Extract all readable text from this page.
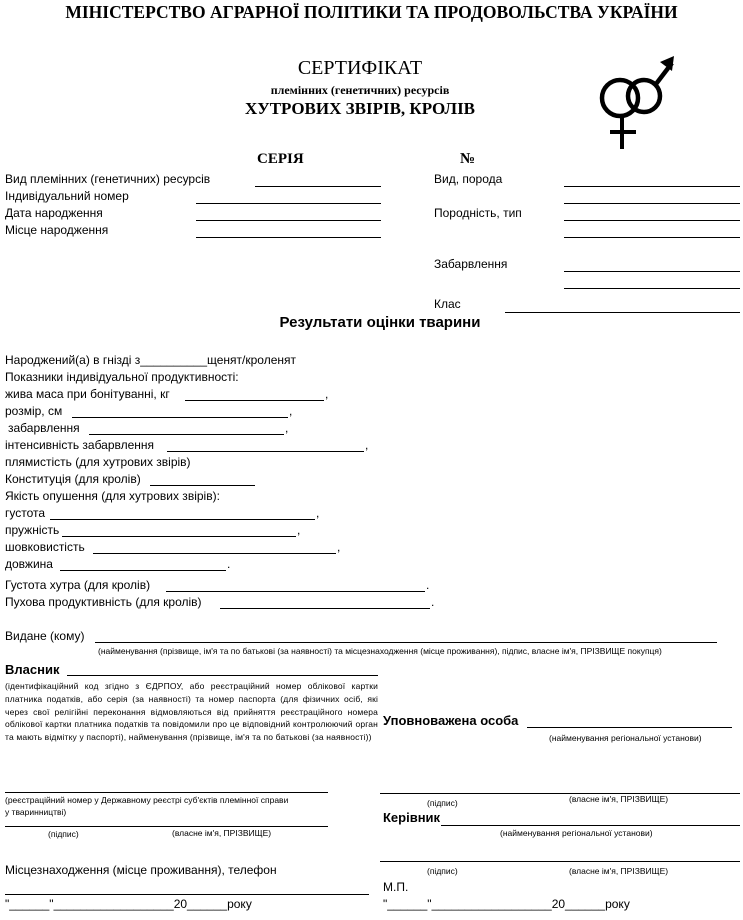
МІНІСТЕРСТВО АГРАРНОЇ ПОЛІТИКИ ТА ПРОДОВОЛЬСТВА УКРАЇНИ
СЕРТИФІКАТ
племінних (генетичних) ресурсів
ХУТРОВИХ ЗВІРІВ, КРОЛІВ
СЕРІЯ	№
Вид племінних (генетичних) ресурсів
Індивідуальний номер
Дата народження
Місце народження
Вид, порода
Породність, тип
Забарвлення
Клас
Результати оцінки тварини
Народжений(а) в гнізді з__________щенят/кроленят
Показники індивідуальної продуктивності:
жива маса при бонітуванні, кг	,
розмір, см	,
забарвлення	,
інтенсивність забарвлення	,
плямистість (для хутрових звірів)
Конституція (для кролів)
Якість опушення (для хутрових звірів):
густота	,
пружність	,
шовковистість	,
довжина	.
Густота хутра (для кролів)	.
Пухова продуктивність (для кролів)	.
Видане (кому)
(найменування (прізвище, ім'я та по батькові (за наявності) та місцезнаходження (місце проживання), підпис, власне ім'я, ПРІЗВИЩЕ покупця)
Власник
(ідентифікаційний код згідно з ЄДРПОУ, або реєстраційний номер облікової картки платника податків, або серія (за наявності) та номер паспорта (для фізичних осіб, які через свої релігійні переконання відмовляються від прийняття реєстраційного номера облікової картки платника податків та повідомили про це відповідний контролюючий орган та мають відмітку у паспорті), найменування (прізвище, ім'я та по батькові (за наявності))
(реєстраційний номер у Державному реєстрі суб'єктів племінної справи
у тваринництві)
(підпис)	(власне ім'я, ПРІЗВИЩЕ)
Місцезнаходження (місце проживання), телефон
"______"__________________20______року
Уповноважена особа
(найменування регіональної установи)
(підпис)	(власне ім'я, ПРІЗВИЩЕ)
Керівник
(найменування регіональної установи)
(підпис)	(власне ім'я, ПРІЗВИЩЕ)
М.П.
"______"__________________20______року
